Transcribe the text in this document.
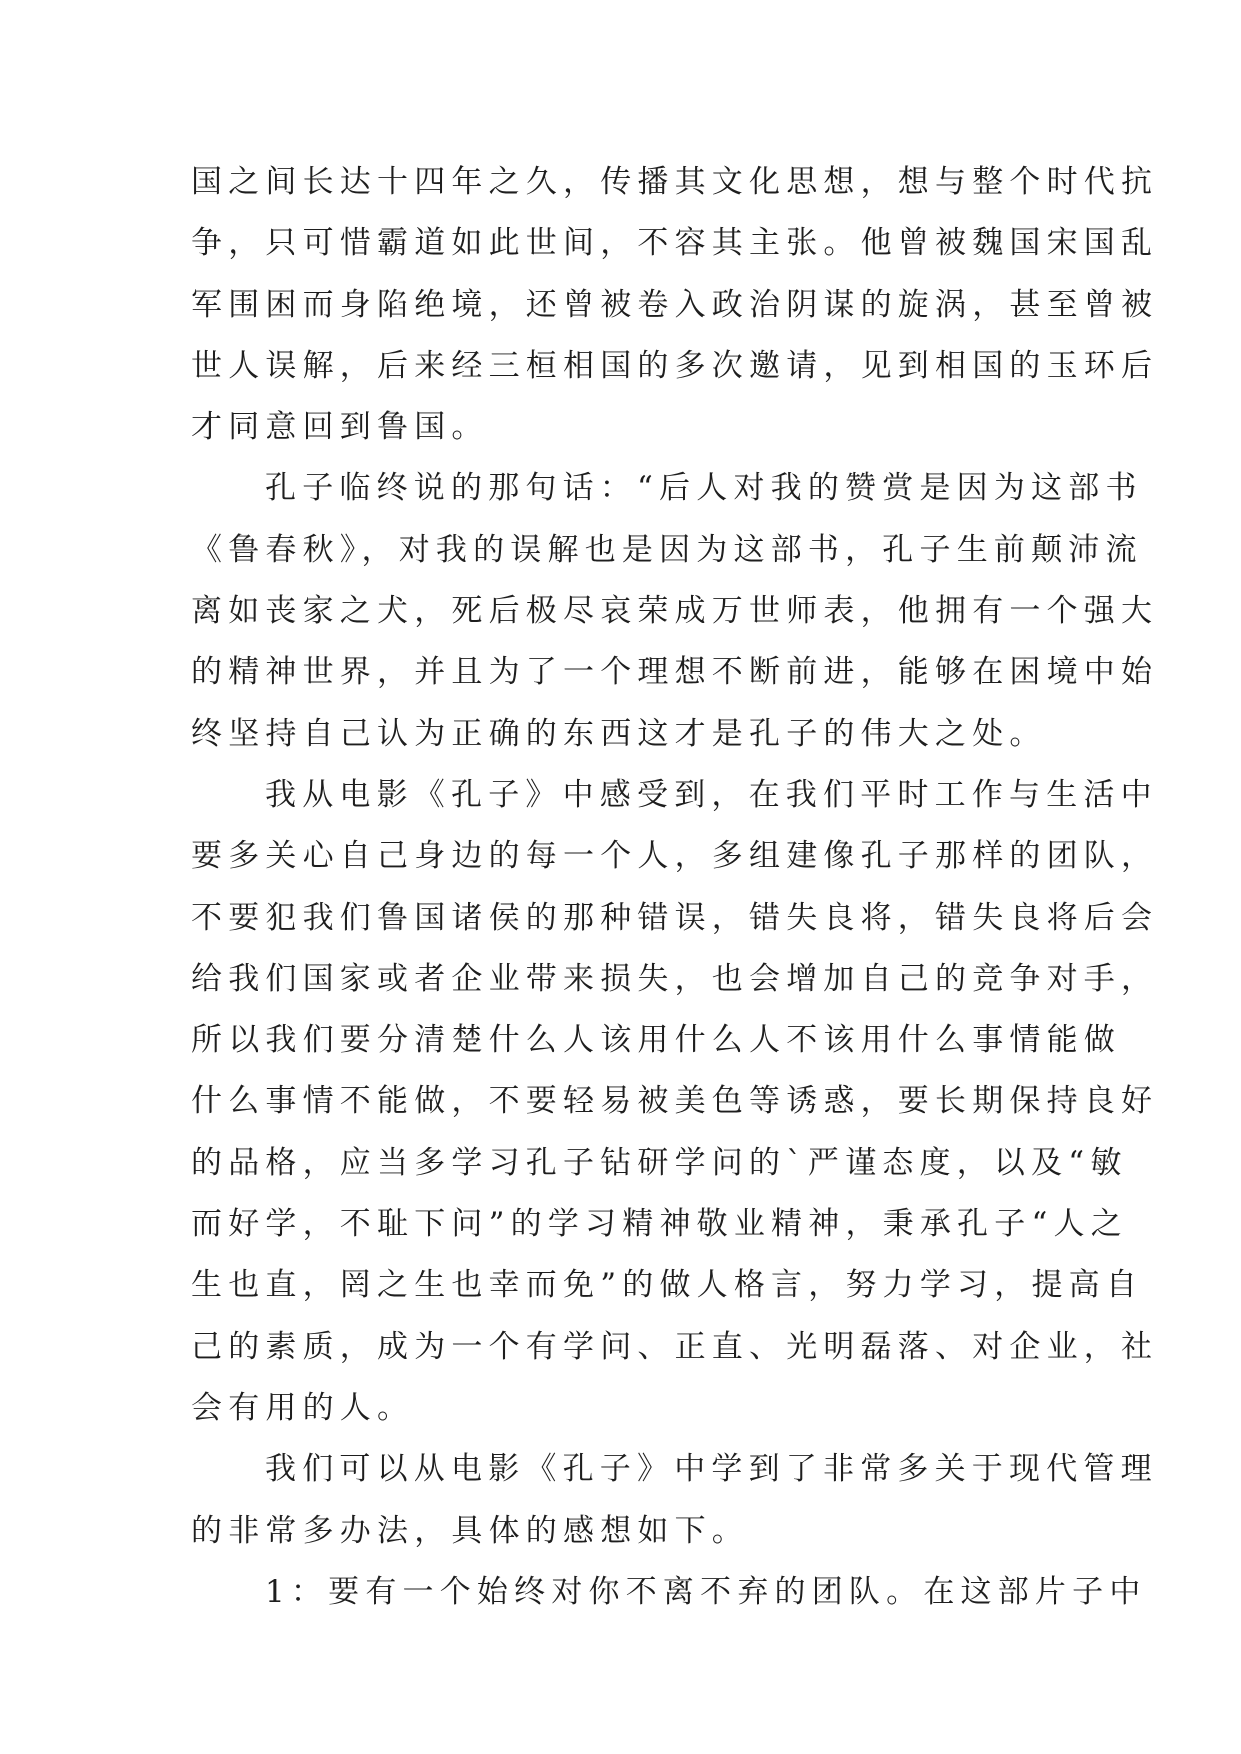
国之间长达十四年之久，传播其文化思想，想与整个时代抗

争，只可惜霸道如此世间，不容其主张。他曾被魏国宋国乱

军围困而身陷绝境，还曾被卷入政治阴谋的旋涡，甚至曾被

世人误解，后来经三桓相国的多次邀请，见到相国的玉环后

才同意回到鲁国。

孔子临终说的那句话：“后人对我的赞赏是因为这部书

《鲁春秋》，对我的误解也是因为这部书，孔子生前颠沛流

离如丧家之犬，死后极尽哀荣成万世师表，他拥有一个强大

的精神世界，并且为了一个理想不断前进，能够在困境中始

终坚持自己认为正确的东西这才是孔子的伟大之处。

我从电影《孔子》中感受到，在我们平时工作与生活中

要多关心自己身边的每一个人，多组建像孔子那样的团队，

不要犯我们鲁国诸侯的那种错误，错失良将，错失良将后会

给我们国家或者企业带来损失，也会增加自己的竞争对手，

所以我们要分清楚什么人该用什么人不该用什么事情能做

什么事情不能做，不要轻易被美色等诱惑，要长期保持良好

的品格，应当多学习孔子钻研学问的`严谨态度，以及“敏

而好学，不耻下问”的学习精神敬业精神，秉承孔子“人之

生也直，罔之生也幸而免”的做人格言，努力学习，提高自

己的素质，成为一个有学问、正直、光明磊落、对企业，社

会有用的人。

我们可以从电影《孔子》中学到了非常多关于现代管理

的非常多办法，具体的感想如下。

1：要有一个始终对你不离不弃的团队。在这部片子中
